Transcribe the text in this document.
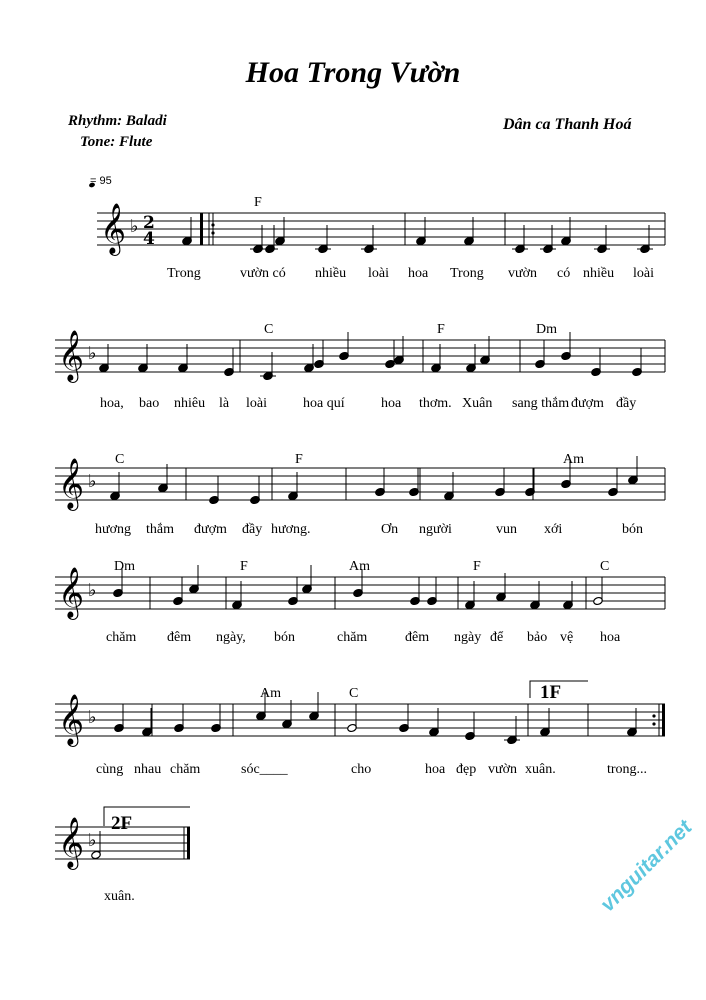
Hoa Trong Vườn
Rhythm: Baladi
Tone: Flute
Dân ca Thanh Hoá
𝄞 ♭ 2
4
𝄞 ♭
𝄞 ♭
𝄞 ♭
𝄞 ♭
𝄞 ♭
= 95
F
Trong	vườn có nhiều loài hoa Trong vườn có nhiều loài
C	F	Dm
hoa, bao nhiêu là loài	hoa quí	hoa thơm. Xuân sang thắm đượm đầy
C	F	Am
hương thắm đượm đầy hương.	Ơn người	vun xới	bón
Dm	F	Am	F	C
chăm đêm ngày, bón	chăm	đêm ngày để bảo vệ hoa
Am	C	1F
cùng nhau chăm	sóc____	cho	hoa đẹp vườn xuân.	trong...
2F
xuân.	vnguitar.net
